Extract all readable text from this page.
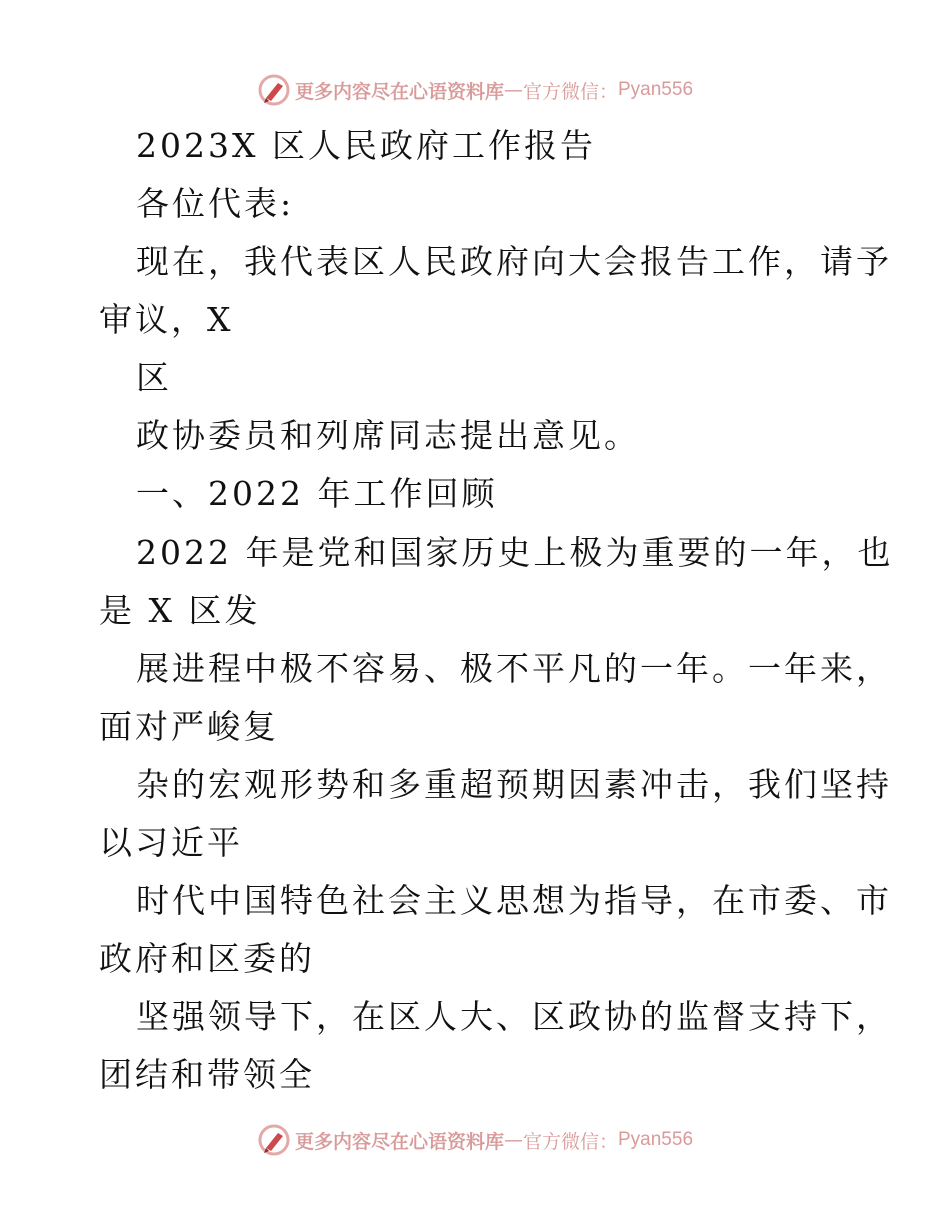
更多内容尽在心语资料库 — 官方微信： Pyan556
2023X 区人民政府工作报告
各位代表:
现在，我代表区人民政府向大会报告工作，请予
审议，X
区
政协委员和列席同志提出意见。
一、2022 年工作回顾
2022 年是党和国家历史上极为重要的一年，也
是 X 区发
展进程中极不容易、极不平凡的一年。一年来，
面对严峻复
杂的宏观形势和多重超预期因素冲击，我们坚持
以习近平
时代中国特色社会主义思想为指导，在市委、市
政府和区委的
坚强领导下，在区人大、区政协的监督支持下，
团结和带领全
更多内容尽在心语资料库 — 官方微信： Pyan556
